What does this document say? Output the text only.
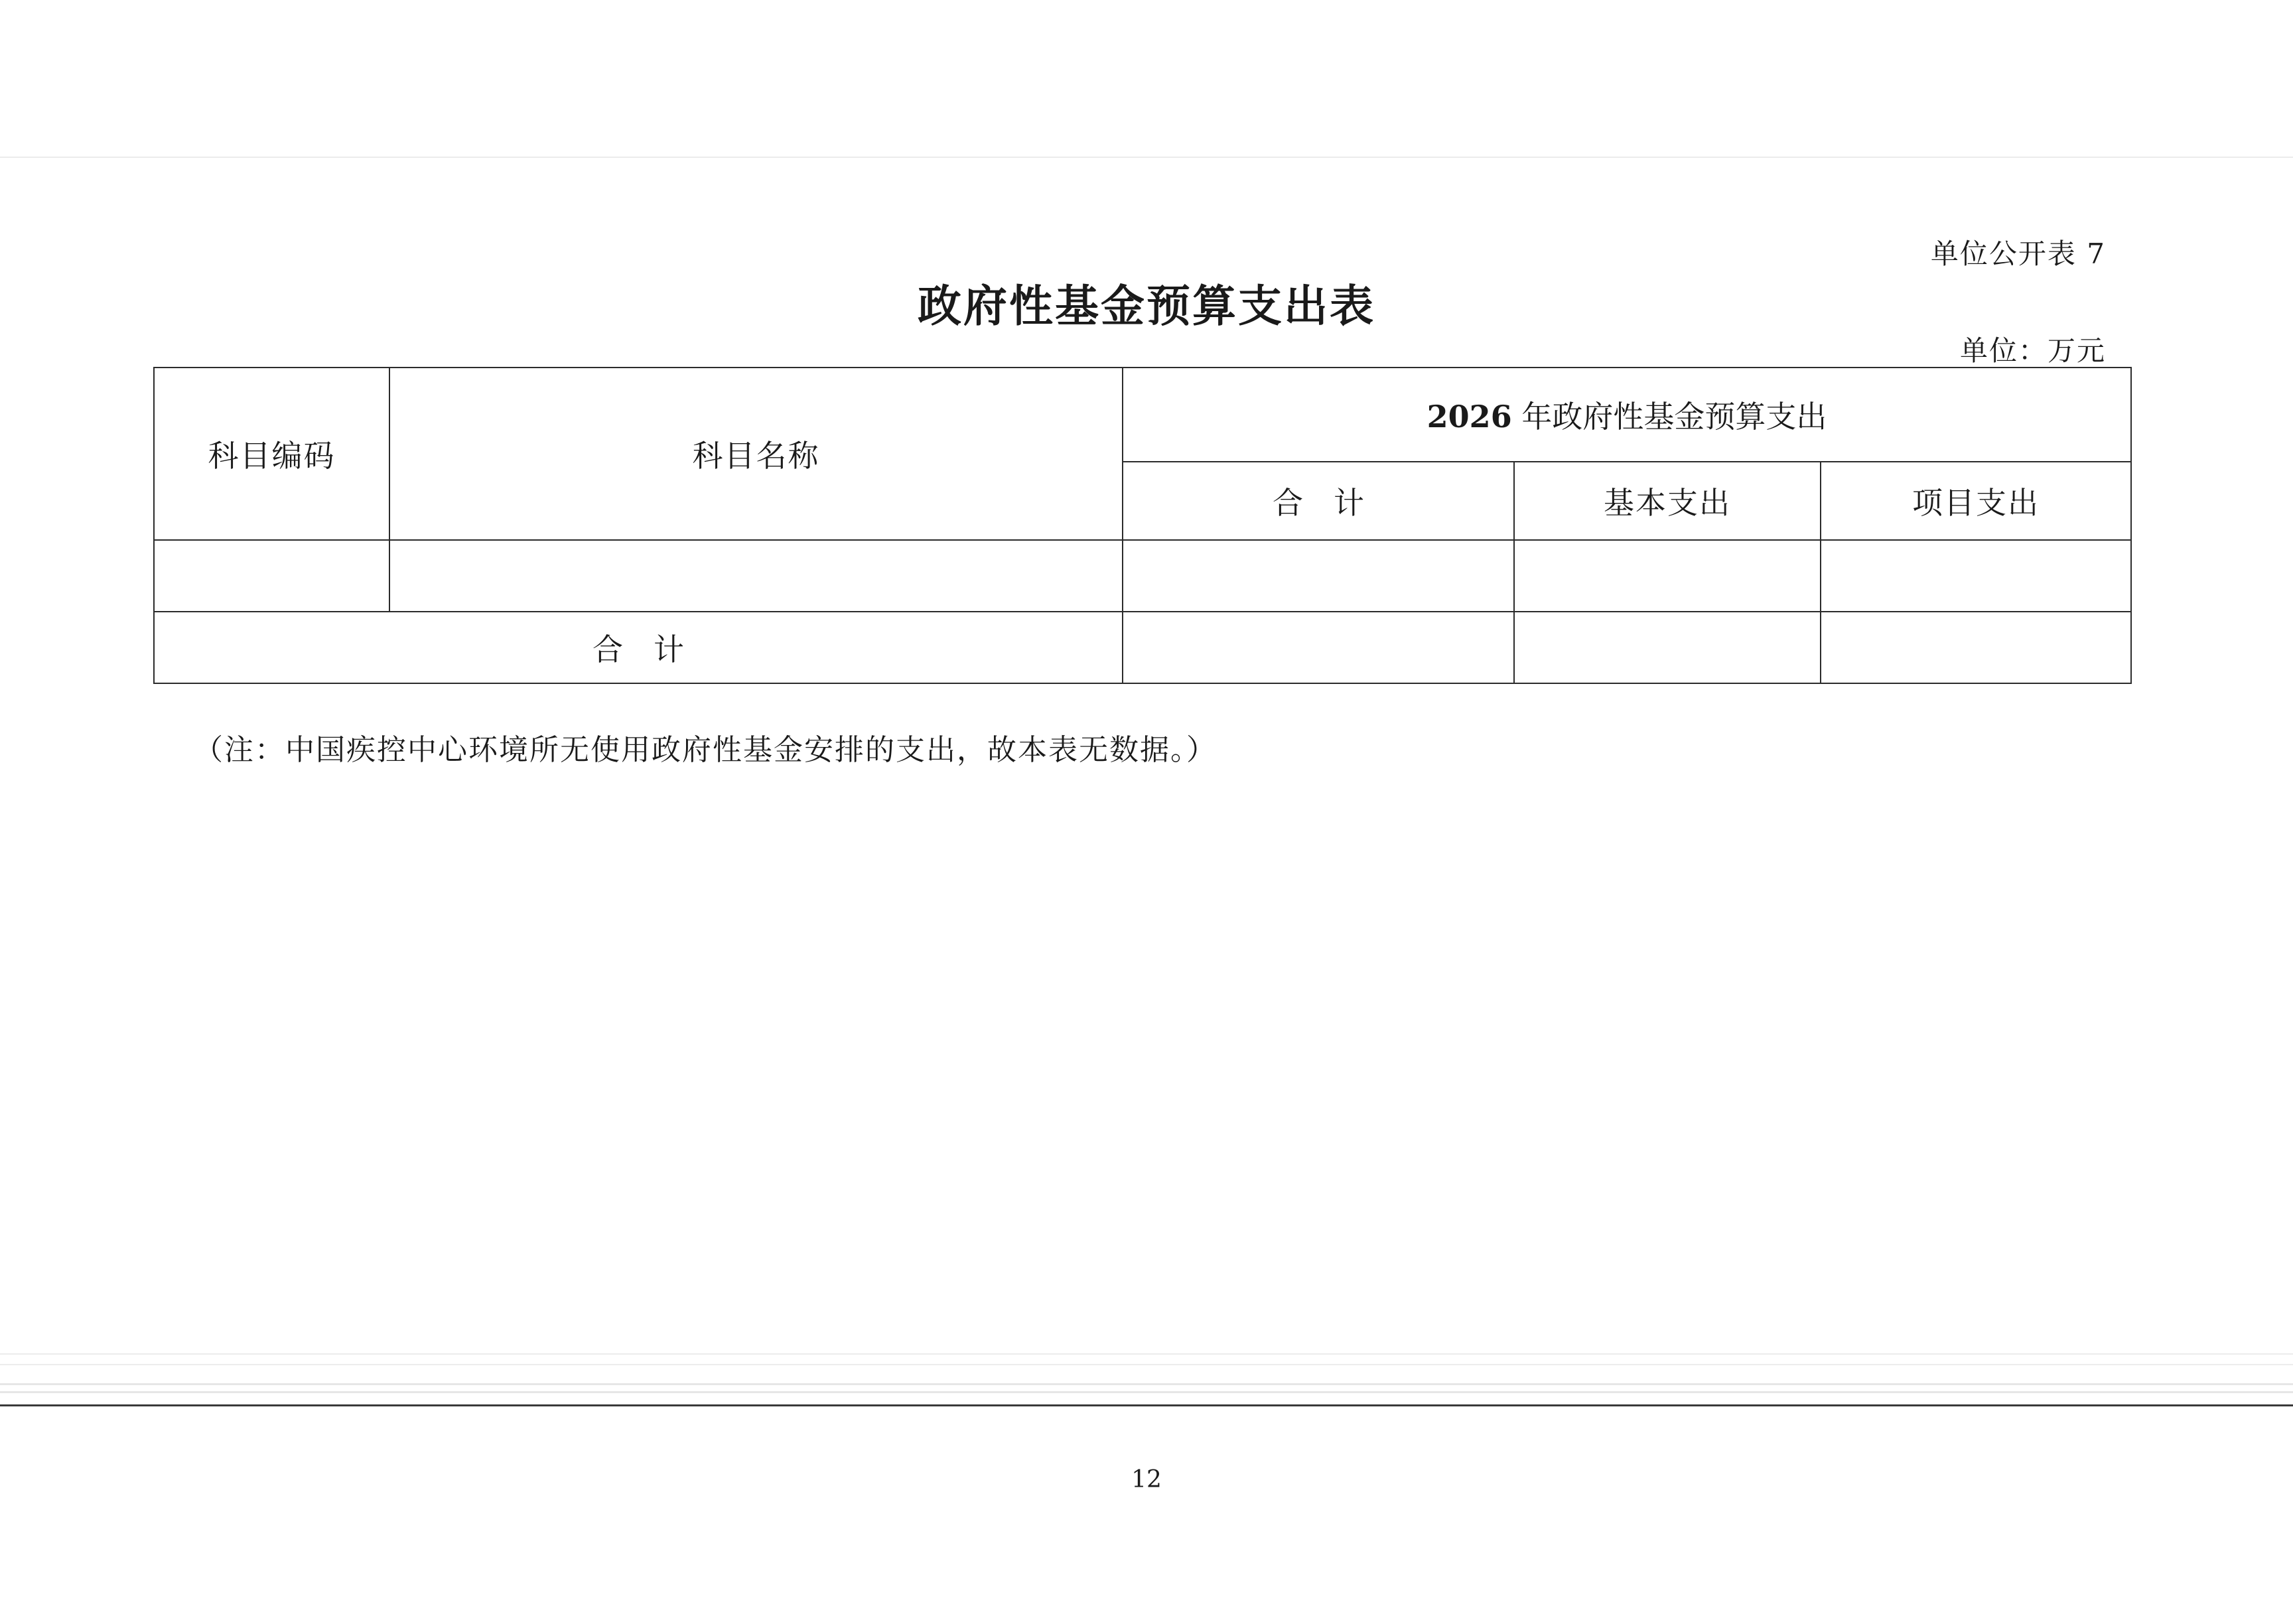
单位公开表 7
政府性基金预算支出表
单位：万元
科目编码	科目名称	2026 年政府性基金预算支出		
		合　计	基本支出	项目支出

合　计				
（注：中国疾控中心环境所无使用政府性基金安排的支出，故本表无数据。）
12
